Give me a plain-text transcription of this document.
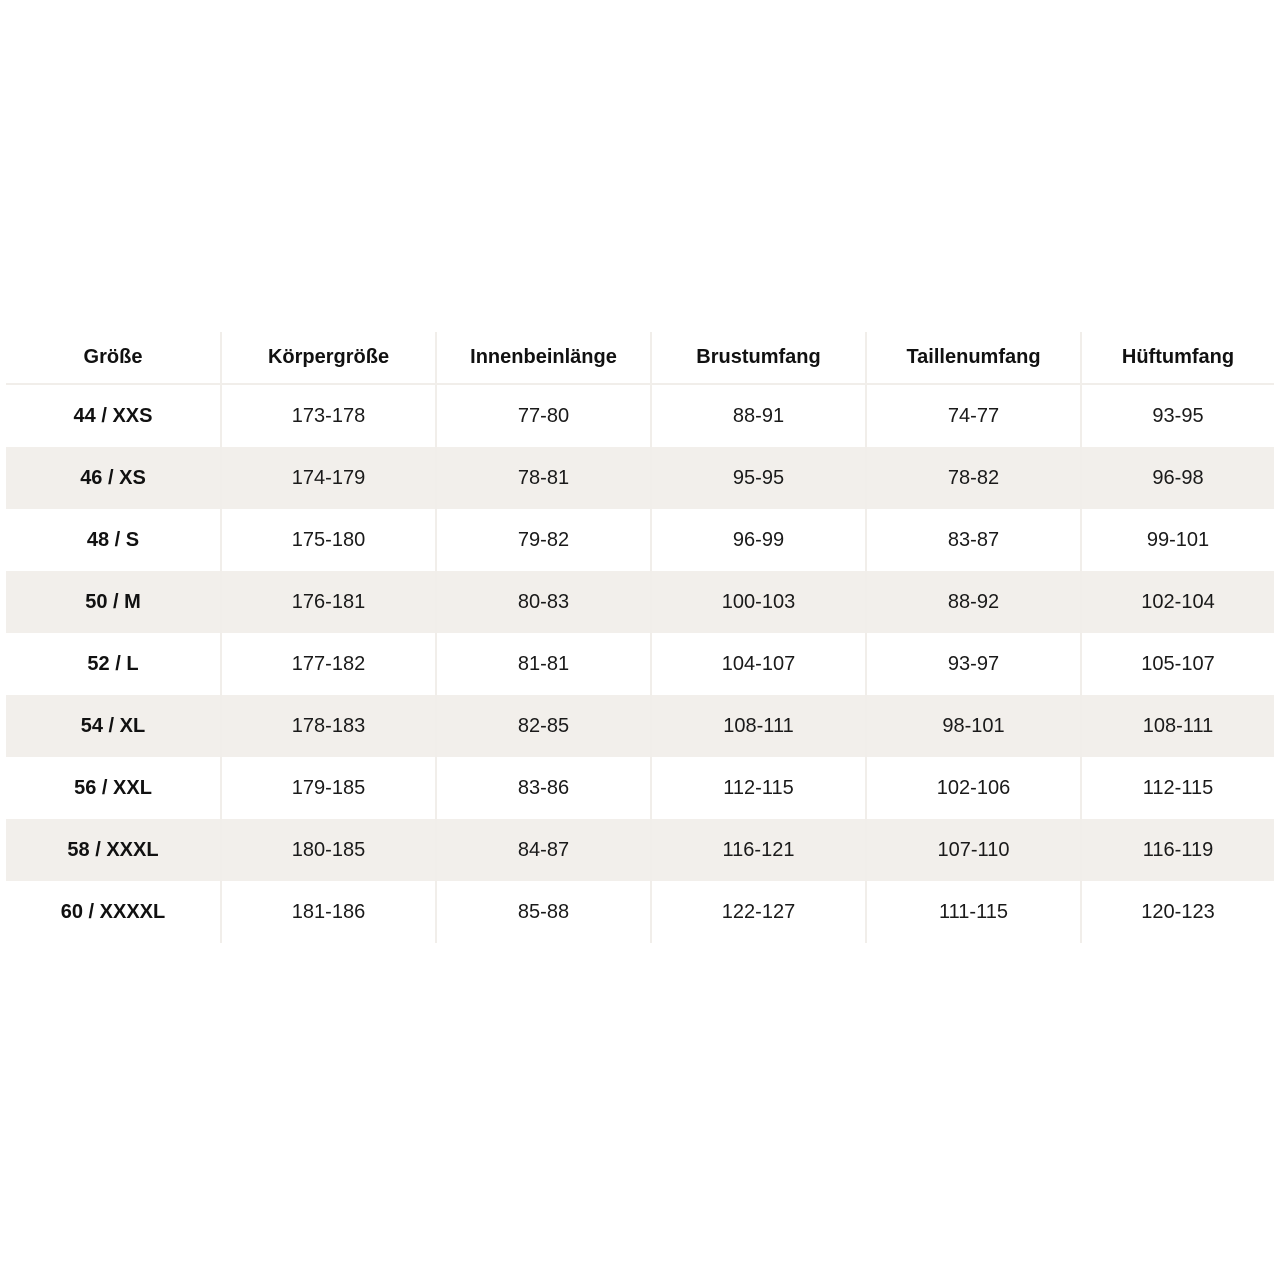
Größe	Körpergröße	Innenbeinlänge	Brustumfang	Taillenumfang	Hüftumfang
44 / XXS	173-178	77-80	88-91	74-77	93-95
46 / XS	174-179	78-81	95-95	78-82	96-98
48 / S	175-180	79-82	96-99	83-87	99-101
50 / M	176-181	80-83	100-103	88-92	102-104
52 / L	177-182	81-81	104-107	93-97	105-107
54 / XL	178-183	82-85	108-111	98-101	108-111
56 / XXL	179-185	83-86	112-115	102-106	112-115
58 / XXXL	180-185	84-87	116-121	107-110	116-119
60 / XXXXL	181-186	85-88	122-127	111-115	120-123
